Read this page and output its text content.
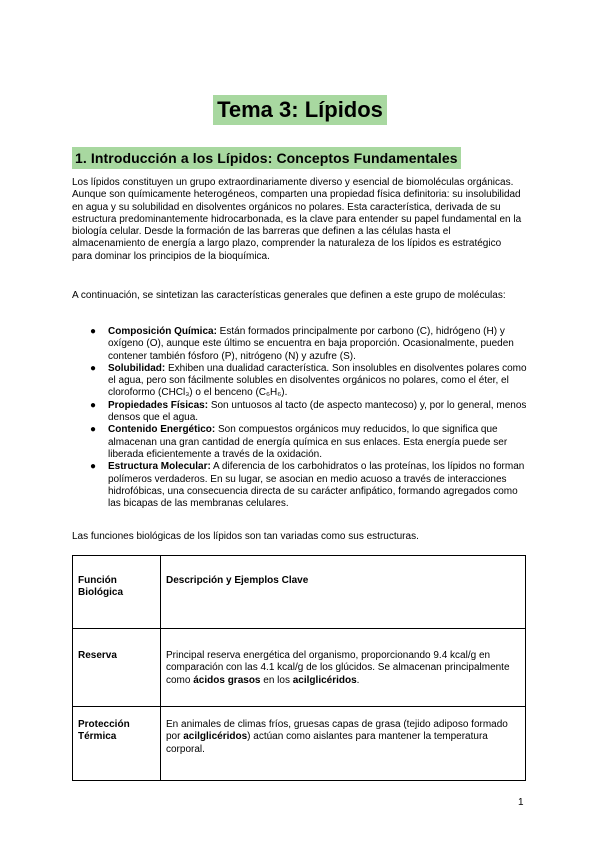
Tema 3: Lípidos
1. Introducción a los Lípidos: Conceptos Fundamentales

Los lípidos constituyen un grupo extraordinariamente diverso y esencial de biomoléculas orgánicas. Aunque son químicamente heterogéneos, comparten una propiedad física definitoria: su insolubilidad en agua y su solubilidad en disolventes orgánicos no polares. Esta característica, derivada de su estructura predominantemente hidrocarbonada, es la clave para entender su papel fundamental en la biología celular. Desde la formación de las barreras que definen a las células hasta el almacenamiento de energía a largo plazo, comprender la naturaleza de los lípidos es estratégico para dominar los principios de la bioquímica.

A continuación, se sintetizan las características generales que definen a este grupo de moléculas:

● Composición Química: Están formados principalmente por carbono (C), hidrógeno (H) y oxígeno (O), aunque este último se encuentra en baja proporción. Ocasionalmente, pueden contener también fósforo (P), nitrógeno (N) y azufre (S).
● Solubilidad: Exhiben una dualidad característica. Son insolubles en disolventes polares como el agua, pero son fácilmente solubles en disolventes orgánicos no polares, como el éter, el cloroformo (CHCl₃) o el benceno (C₆H₆).
● Propiedades Físicas: Son untuosos al tacto (de aspecto mantecoso) y, por lo general, menos densos que el agua.
● Contenido Energético: Son compuestos orgánicos muy reducidos, lo que significa que almacenan una gran cantidad de energía química en sus enlaces. Esta energía puede ser liberada eficientemente a través de la oxidación.
● Estructura Molecular: A diferencia de los carbohidratos o las proteínas, los lípidos no forman polímeros verdaderos. En su lugar, se asocian en medio acuoso a través de interacciones hidrofóbicas, una consecuencia directa de su carácter anfipático, formando agregados como las bicapas de las membranas celulares.

Las funciones biológicas de los lípidos son tan variadas como sus estructuras.

Función Biológica	Descripción y Ejemplos Clave
Reserva	Principal reserva energética del organismo, proporcionando 9.4 kcal/g en comparación con las 4.1 kcal/g de los glúcidos. Se almacenan principalmente como ácidos grasos en los acilglicéridos.
Protección Térmica	En animales de climas fríos, gruesas capas de grasa (tejido adiposo formado por acilglicéridos) actúan como aislantes para mantener la temperatura corporal.
1
